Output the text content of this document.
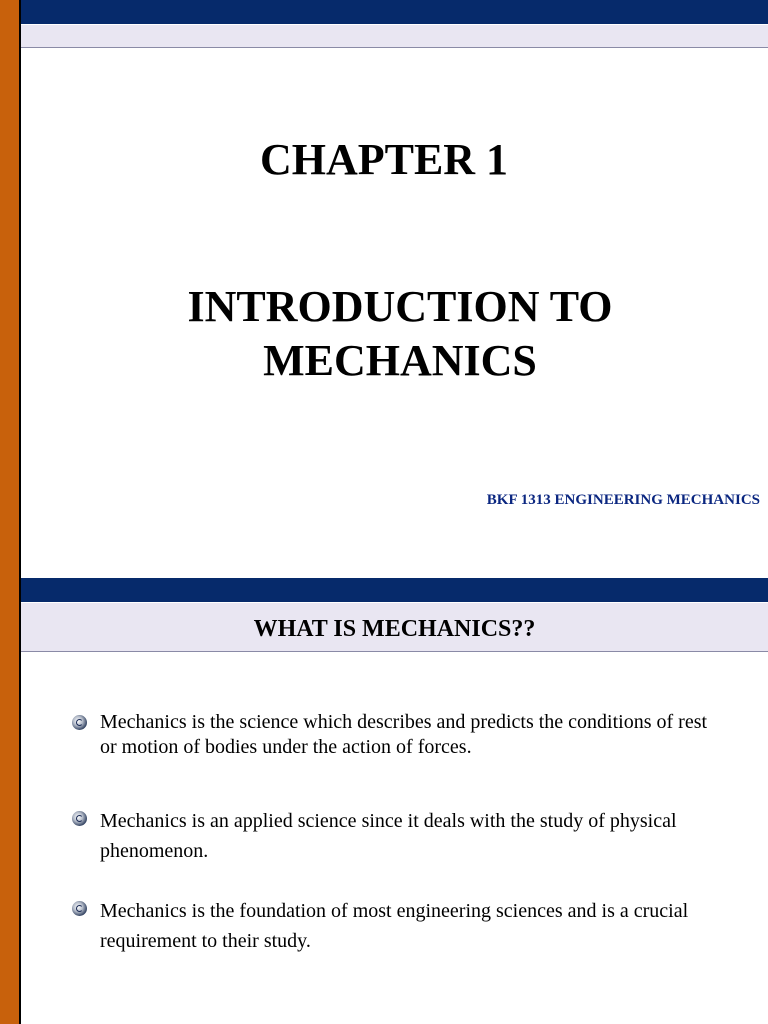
CHAPTER 1
INTRODUCTION TO
MECHANICS
BKF 1313 ENGINEERING MECHANICS
WHAT IS MECHANICS??
Mechanics is the science which describes and predicts the conditions of rest or motion of bodies under the action of forces.
Mechanics is an applied science since it deals with the study of physical phenomenon.
Mechanics is the foundation of most engineering sciences and is a crucial requirement to their study.
